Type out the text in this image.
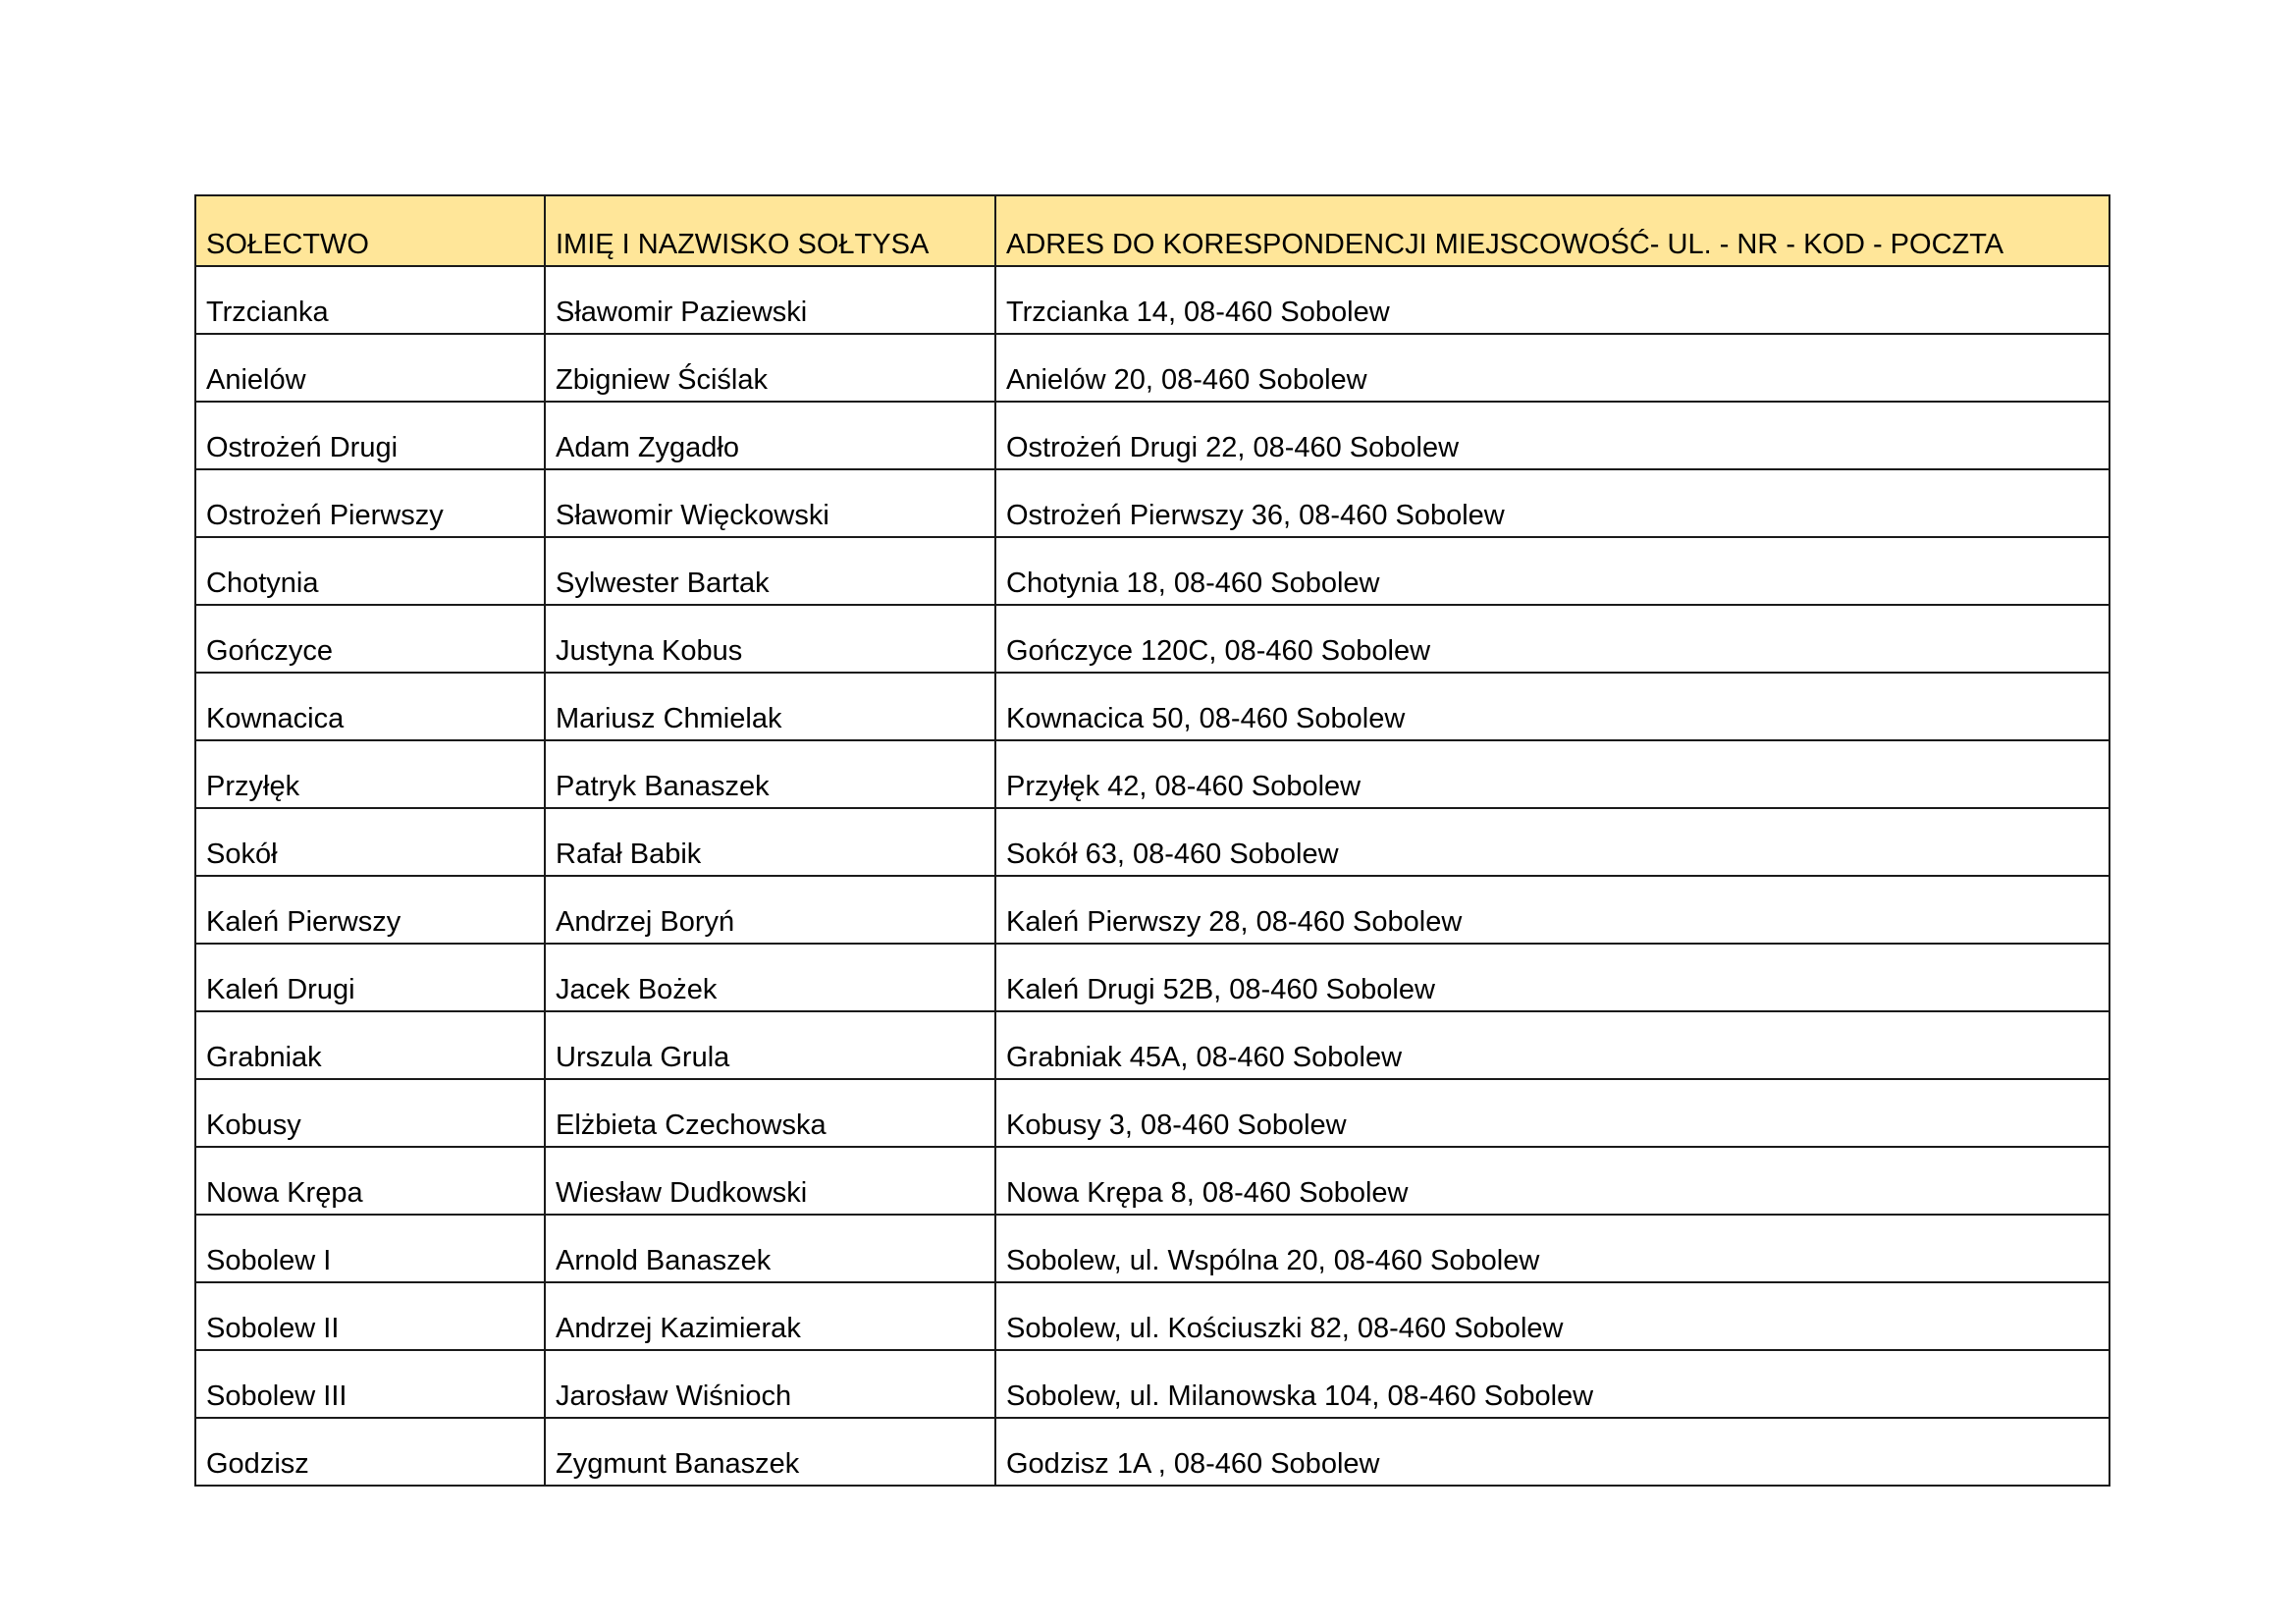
SOŁECTWO	IMIĘ I NAZWISKO SOŁTYSA	ADRES DO KORESPONDENCJI MIEJSCOWOŚĆ- UL. - NR - KOD - POCZTA
Trzcianka	Sławomir Paziewski	Trzcianka 14, 08-460 Sobolew
Anielów	Zbigniew Ściślak	Anielów 20, 08-460 Sobolew
Ostrożeń Drugi	Adam Zygadło	Ostrożeń Drugi 22, 08-460 Sobolew
Ostrożeń Pierwszy	Sławomir Więckowski	Ostrożeń Pierwszy 36, 08-460 Sobolew
Chotynia	Sylwester Bartak	Chotynia 18, 08-460 Sobolew
Gończyce	Justyna Kobus	Gończyce 120C, 08-460 Sobolew
Kownacica	Mariusz Chmielak	Kownacica 50, 08-460 Sobolew
Przyłęk	Patryk Banaszek	Przyłęk 42, 08-460 Sobolew
Sokół	Rafał Babik	Sokół 63, 08-460 Sobolew
Kaleń Pierwszy	Andrzej Boryń	Kaleń Pierwszy 28, 08-460 Sobolew
Kaleń Drugi	Jacek Bożek	Kaleń Drugi 52B, 08-460 Sobolew
Grabniak	Urszula Grula	Grabniak 45A, 08-460 Sobolew
Kobusy	Elżbieta Czechowska	Kobusy 3, 08-460 Sobolew
Nowa Krępa	Wiesław Dudkowski	Nowa Krępa 8, 08-460 Sobolew
Sobolew I	Arnold Banaszek	Sobolew, ul. Wspólna 20, 08-460 Sobolew
Sobolew II	Andrzej Kazimierak	Sobolew, ul. Kościuszki 82, 08-460 Sobolew
Sobolew III	Jarosław Wiśnioch	Sobolew, ul. Milanowska 104, 08-460 Sobolew
Godzisz	Zygmunt Banaszek	Godzisz 1A , 08-460 Sobolew
